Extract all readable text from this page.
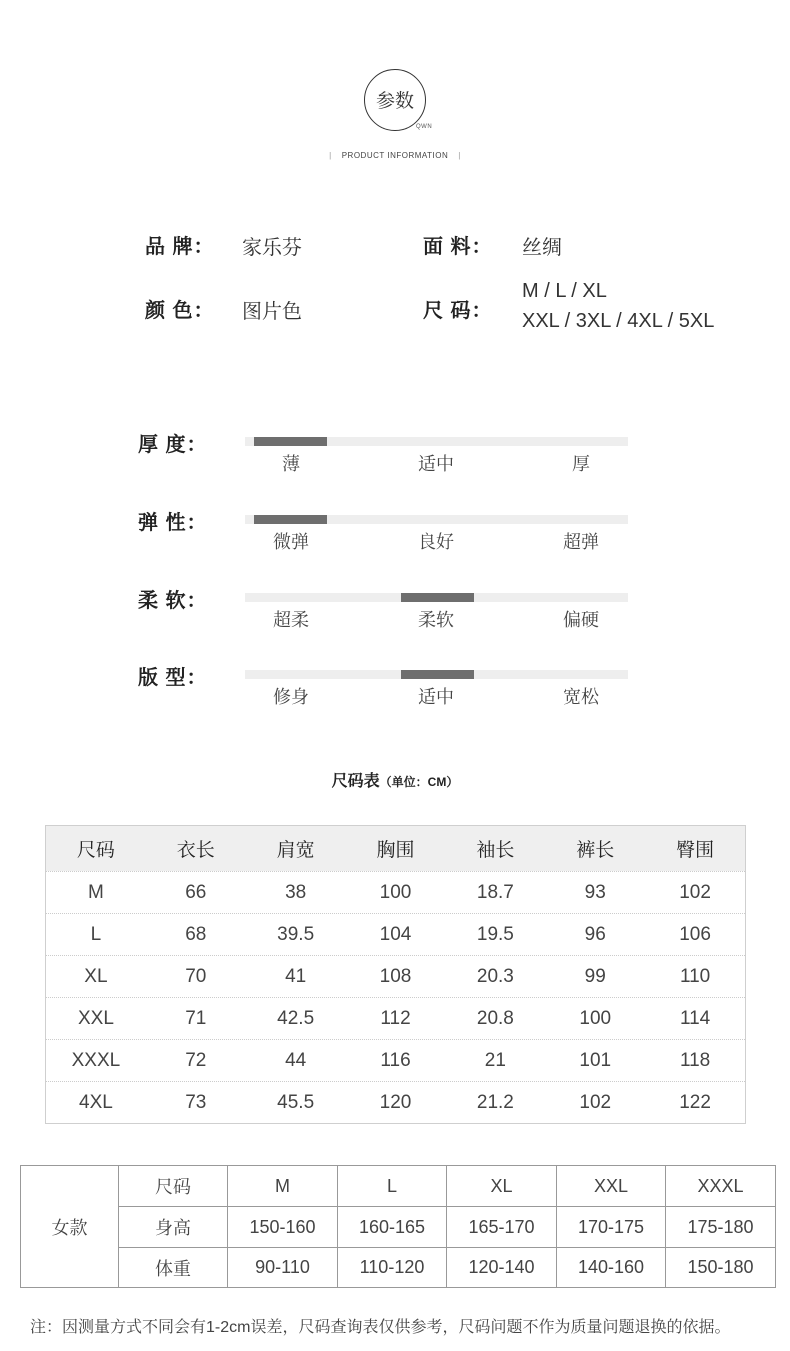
参数
QWN
| PRODUCT INFORMATION |
品 牌： 家乐芬	面 料： 丝绸
颜 色： 图片色	尺 码：
M / L / XL
XXL / 3XL / 4XL / 5XL
厚 度：
薄	适中	厚
弹 性：
微弹	良好	超弹
柔 软：
超柔	柔软	偏硬
版 型：
修身	适中	宽松
尺码表（单位：CM）
尺码	衣长	肩宽	胸围	袖长	裤长	臀围
M	66	38	100	18.7	93	102
L	68	39.5	104	19.5	96	106
XL	70	41	108	20.3	99	110
XXL	71	42.5	112	20.8	100	114
XXXL	72	44	116	21	101	118
4XL	73	45.5	120	21.2	102	122
女款	尺码	M	L	XL	XXL	XXXL
	身高	150-160	160-165	165-170	170-175	175-180
	体重	90-110	110-120	120-140	140-160	150-180
注：因测量方式不同会有1-2cm误差，尺码查询表仅供参考，尺码问题不作为质量问题退换的依据。
